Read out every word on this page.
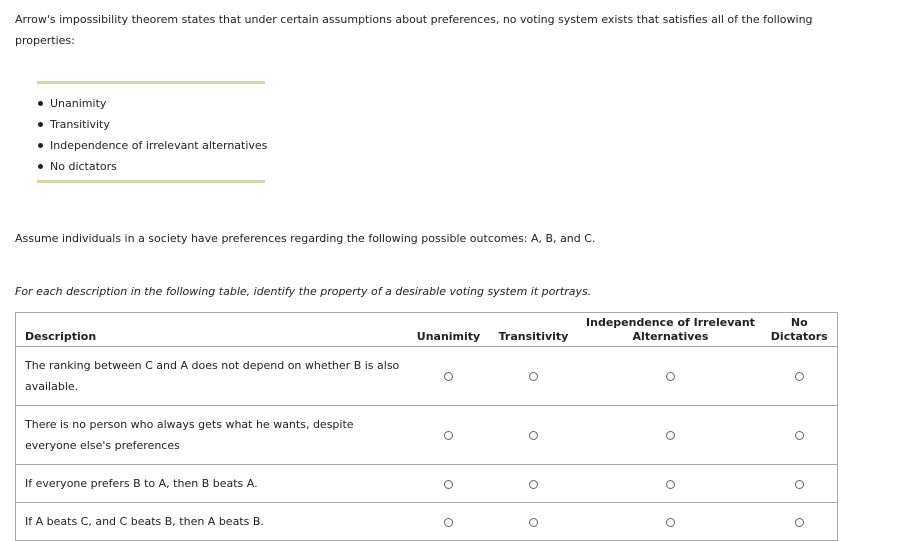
Arrow's impossibility theorem states that under certain assumptions about preferences, no voting system exists that satisfies all of the following properties:

Unanimity
Transitivity
Independence of irrelevant alternatives
No dictators

Assume individuals in a society have preferences regarding the following possible outcomes: A, B, and C.

For each description in the following table, identify the property of a desirable voting system it portrays.

Description	Unanimity	Transitivity	Independence of Irrelevant Alternatives	No Dictators
The ranking between C and A does not depend on whether B is also available.				
There is no person who always gets what he wants, despite everyone else's preferences				
If everyone prefers B to A, then B beats A.				
If A beats C, and C beats B, then A beats B.				
